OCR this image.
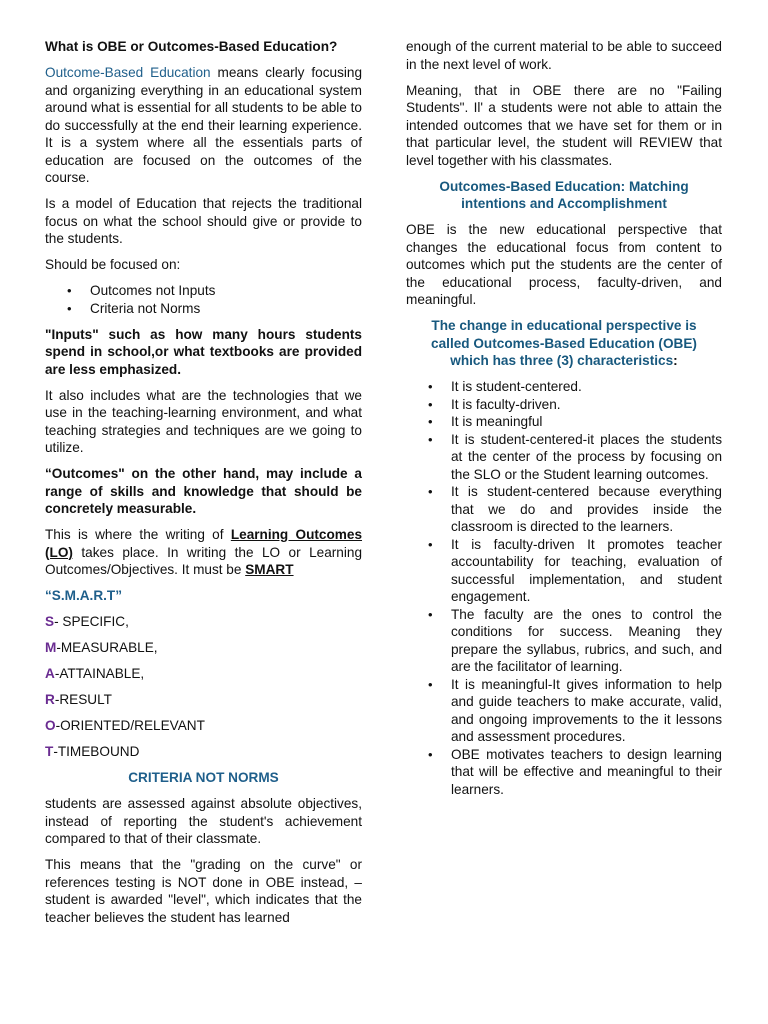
What is OBE or Outcomes-Based Education?

Outcome-Based Education means clearly focusing and organizing everything in an educational system around what is essential for all students to be able to do successfully at the end their learning experience. It is a system where all the essentials parts of education are focused on the outcomes of the course.

Is a model of Education that rejects the traditional focus on what the school should give or provide to the students.

Should be focused on:

• Outcomes not Inputs
• Criteria not Norms

"Inputs" such as how many hours students spend in school,or what textbooks are provided are less emphasized.

It also includes what are the technologies that we use in the teaching-learning environment, and what teaching strategies and techniques are we going to utilize.

“Outcomes" on the other hand, may include a range of skills and knowledge that should be concretely measurable.

This is where the writing of Learning Outcomes (LO) takes place. In writing the LO or Learning Outcomes/Objectives. It must be SMART

“S.M.A.R.T”

S- SPECIFIC,

M-MEASURABLE,

A-ATTAINABLE,

R-RESULT

O-ORIENTED/RELEVANT

T-TIMEBOUND

CRITERIA NOT NORMS

students are assessed against absolute objectives, instead of reporting the student's achievement compared to that of their classmate.

This means that the "grading on the curve" or references testing is NOT done in OBE instead, –student is awarded "level", which indicates that the teacher believes the student has learned

enough of the current material to be able to succeed in the next level of work.

Meaning, that in OBE there are no "Failing Students". Il' a students were not able to attain the intended outcomes that we have set for them or in that particular level, the student will REVIEW that level together with his classmates.

Outcomes-Based Education: Matching intentions and Accomplishment

OBE is the new educational perspective that changes the educational focus from content to outcomes which put the students are the center of the educational process, faculty-driven, and meaningful.

The change in educational perspective is called Outcomes-Based Education (OBE) which has three (3) characteristics:

• It is student-centered.
• It is faculty-driven.
• It is meaningful
• It is student-centered-it places the students at the center of the process by focusing on the SLO or the Student learning outcomes.
• It is student-centered because everything that we do and provides inside the classroom is directed to the learners.
• It is faculty-driven It promotes teacher accountability for teaching, evaluation of successful implementation, and student engagement.
• The faculty are the ones to control the conditions for success. Meaning they prepare the syllabus, rubrics, and such, and are the facilitator of learning.
• It is meaningful-It gives information to help and guide teachers to make accurate, valid, and ongoing improvements to the it lessons and assessment procedures.
• OBE motivates teachers to design learning that will be effective and meaningful to their learners.
